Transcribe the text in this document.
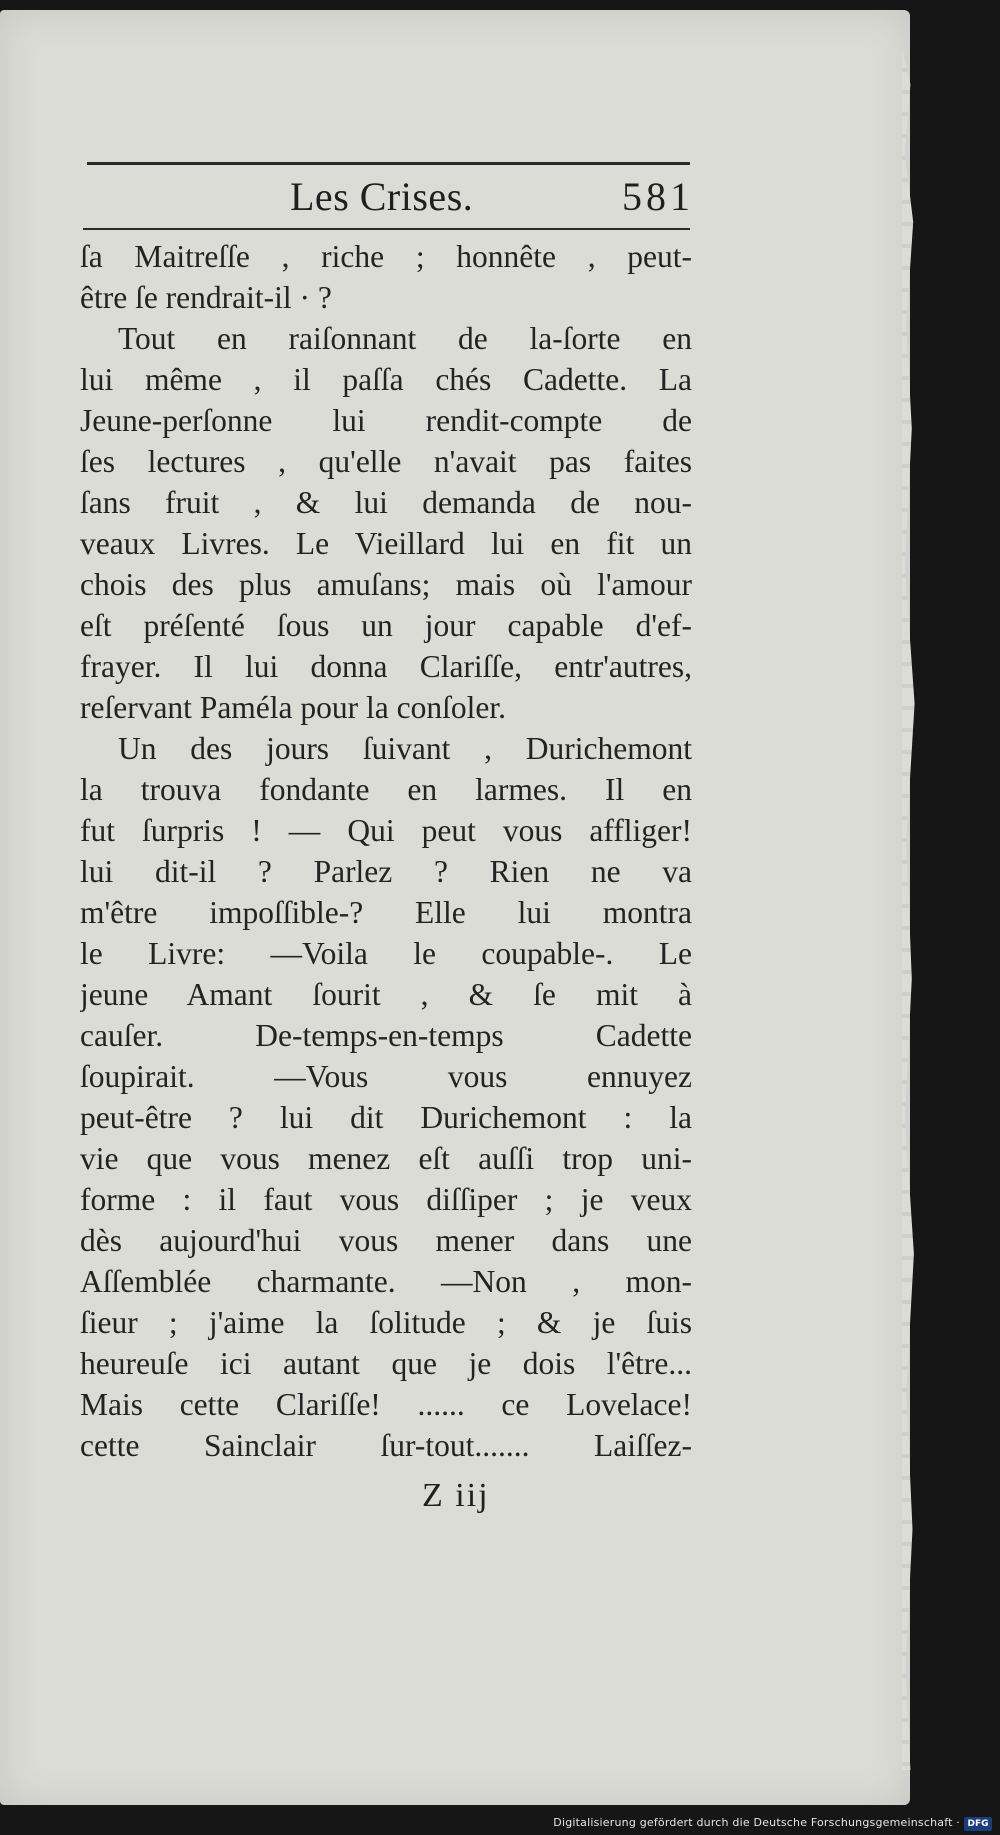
Les Crises.	581
ſa Maitreſſe , riche ; honnête , peut-
être ſe rendrait-il · ?
Tout en raiſonnant de la-ſorte en
lui même , il paſſa chés Cadette. La
Jeune-perſonne lui rendit-compte de
ſes lectures , qu'elle n'avait pas faites
ſans fruit , & lui demanda de nou-
veaux Livres. Le Vieillard lui en fit un
chois des plus amuſans; mais où l'amour
eſt préſenté ſous un jour capable d'ef-
frayer. Il lui donna Clariſſe, entr'autres,
reſervant Paméla pour la conſoler.
Un des jours ſuivant , Durichemont
la trouva fondante en larmes. Il en
fut ſurpris ! — Qui peut vous affliger!
lui dit-il ? Parlez ? Rien ne va
m'être impoſſible-? Elle lui montra
le Livre: —Voila le coupable-. Le
jeune Amant ſourit , & ſe mit à
cauſer. De-temps-en-temps Cadette
ſoupirait. —Vous vous ennuyez
peut-être ? lui dit Durichemont : la
vie que vous menez eſt auſſi trop uni-
forme : il faut vous diſſiper ; je veux
dès aujourd'hui vous mener dans une
Aſſemblée charmante. —Non , mon-
ſieur ; j'aime la ſolitude ; & je ſuis
heureuſe ici autant que je dois l'être...
Mais cette Clariſſe! ...... ce Lovelace!
cette Sainclair ſur-tout....... Laiſſez-
Z iij
Digitalisierung gefördert durch die Deutsche Forschungsgemeinschaft · DFG
